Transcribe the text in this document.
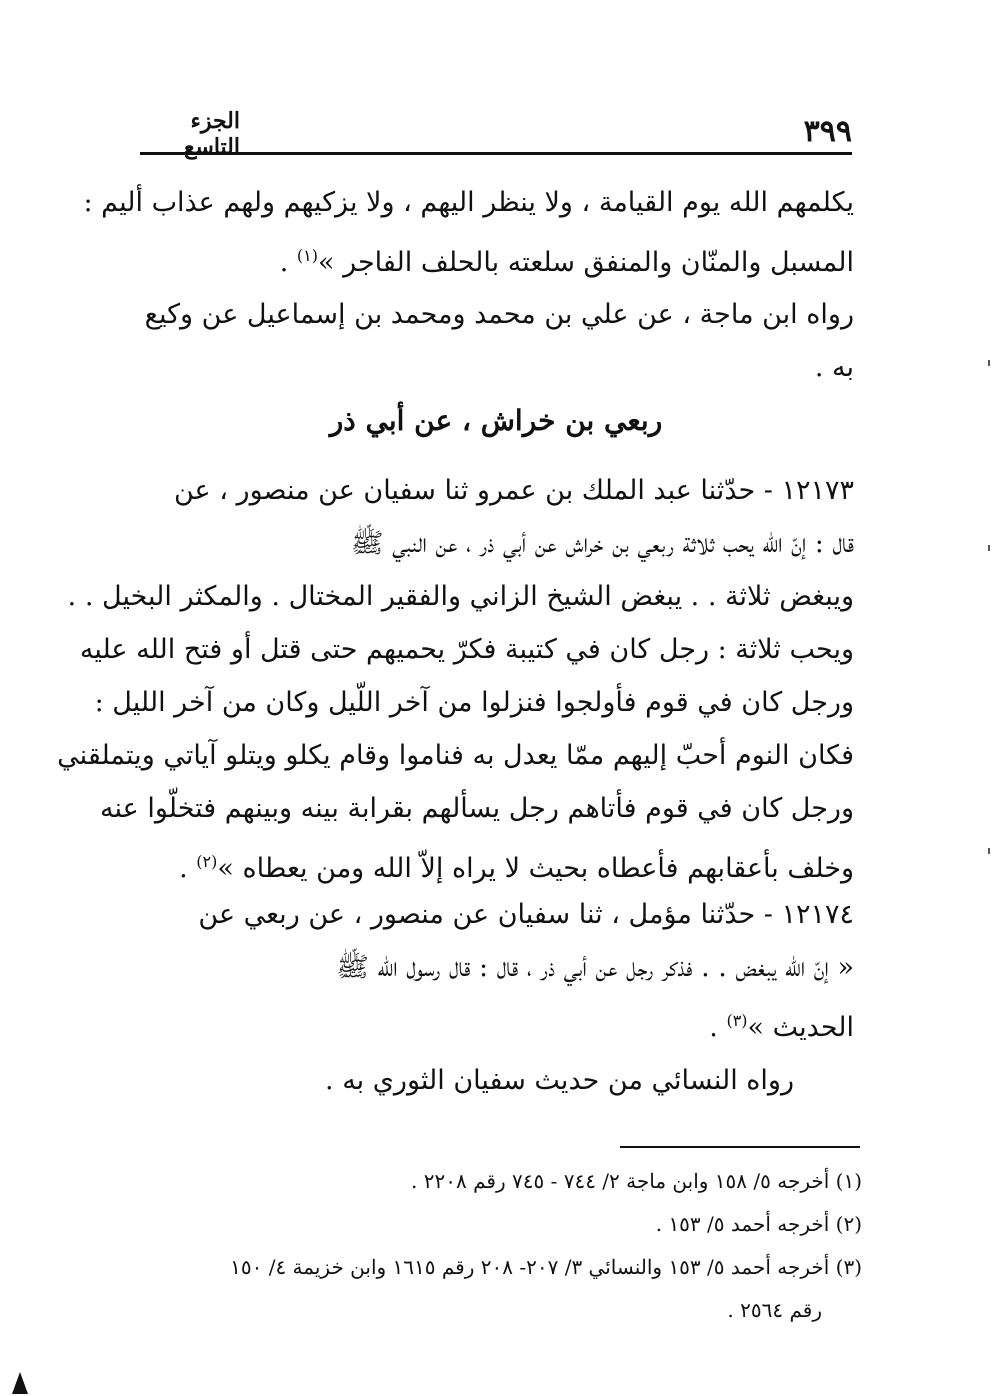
الجزء التاسع	٣٩٩
يكلمهم الله يوم القيامة ، ولا ينظر اليهم ، ولا يزكيهم ولهم عذاب أليم :
المسبل والمنّان والمنفق سلعته بالحلف الفاجر »$^{(١)}$ .
رواه ابن ماجة ، عن علي بن محمد ومحمد بن إسماعيل عن وكيع
به .
ربعي بن خراش ، عن أبي ذر
١٢١٧٣ - حدّثنا عبد الملك بن عمرو ثنا سفيان عن منصور ، عن
قال : إنّ الله يحب ثلاثة ربعي بن خراش عن أبي ذر ، عن النبي ﷺ
ويبغض ثلاثة . . يبغض الشيخ الزاني والفقير المختال . والمكثر البخيل . .
ويحب ثلاثة : رجل كان في كتيبة فكرّ يحميهم حتى قتل أو فتح الله عليه
ورجل كان في قوم فأولجوا فنزلوا من آخر اللّيل وكان من آخر الليل :
فكان النوم أحبّ إليهم ممّا يعدل به فناموا وقام يكلو ويتلو آياتي ويتملقني
ورجل كان في قوم فأتاهم رجل يسألهم بقرابة بينه وبينهم فتخلّوا عنه
وخلف بأعقابهم فأعطاه بحيث لا يراه إلاّ الله ومن يعطاه »$^{(٢)}$ .
١٢١٧٤ - حدّثنا مؤمل ، ثنا سفيان عن منصور ، عن ربعي عن
« إنّ الله يبغض . . فذكر رجل عن أبي ذر ، قال : قال رسول الله ﷺ
الحديث »$^{(٣)}$ .
رواه النسائي من حديث سفيان الثوري به .
(١) أخرجه ٥/ ١٥٨ وابن ماجة ٢/ ٧٤٤ - ٧٤٥ رقم ٢٢٠٨ .
(٢) أخرجه أحمد ٥/ ١٥٣ .
(٣) أخرجه أحمد ٥/ ١٥٣ والنسائي ٣/ ٢٠٧- ٢٠٨ رقم ١٦١٥ وابن خزيمة ٤/ ١٥٠
رقم ٢٥٦٤ .
